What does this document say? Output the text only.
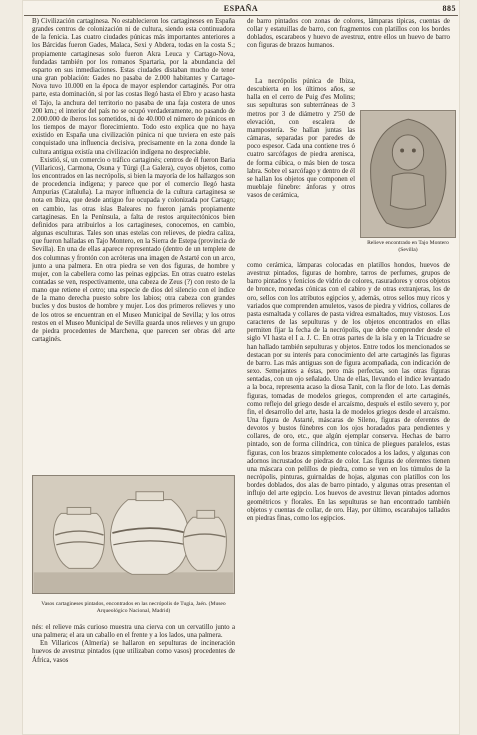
ESPAÑA	885

B) Civilización cartaginesa. No establecieron los cartagineses en España grandes centros de colonización ni de cultura, siendo esta continuadora de la fenicia. Las cuatro ciudades púnicas más importantes anteriores a los Bárcidas fueron Gades, Malaca, Sexi y Abdera, todas en la costa S.; propiamente cartaginesas solo fueron Akra Leuca y Cartago-Nova, fundadas también por los romanos Spartaria, por la abundancia del esparto en sus inmediaciones. Estas ciudades distaban mucho de tener una gran población: Gades no pasaba de 2.000 habitantes y Cartago-Nova tuvo 10.000 en la época de mayor esplendor cartaginés. Por otra parte, esta dominación, si por las costas llegó hasta el Ebro y acaso hasta el Tajo, la anchura del territorio no pasaba de una faja costera de unos 200 km.; el interior del país no se ocupó verdaderamente, no pasando de 2.000.000 de íberos los sometidos, ni de 40.000 el número de púnicos en los tiempos de mayor florecimiento. Todo esto explica que no haya existido en España una civilización púnica ni que tuviera en este país conquistado una influencia decisiva, precisamente en la zona donde la cultura antigua existía una civilización indígena no despreciable.

Existió, sí, un comercio o tráfico cartaginés; centros de él fueron Baria (Villaricos), Carmona, Osuna y Túrgi (La Galera), cuyos objetos, como los encontrados en las necrópolis, si bien la mayoría de los hallazgos son de procedencia indígena; y parece que por el comercio llegó hasta Ampurias (Cataluña). La mayor influencia de la cultura cartaginesa se nota en Ibiza, que desde antiguo fue ocupada y colonizada por Cartago; en cambio, las otras islas Baleares no fueron jamás propiamente cartaginesas. En la Península, a falta de restos arquitectónicos bien definidos para atribuirlos a los cartagineses, conocemos, en cambio, algunas esculturas. Tales son unas estelas con relieves, de piedra caliza, que fueron halladas en Tajo Montero, en la Sierra de Estepa (provincia de Sevilla). En una de ellas aparece representado (dentro de un templete de dos columnas y frontón con acróteras una imagen de Astarté con un arco, junto a una palmera. En otra piedra se ven dos figuras, de hombre y mujer, con la cabellera como las peinas egipcias. En otras cuatro estelas contadas se ven, respectivamente, una cabeza de Zeus (?) con resto de la mano que retiene el cetro; una especie de dios del silencio con el índice de la mano derecha puesto sobre los labios; otra cabeza con grandes bucles y dos bustos de hombre y mujer. Los dos primeros relieves y uno de los otros se encuentran en el Museo Municipal de Sevilla; y los otros restos en el Museo Municipal de Sevilla guarda unos relieves y un grupo de piedra procedentes de Marchena, que parecen ser obras del arte cartaginés.

Vasos cartagineses pintados, encontrados en las necrópolis de Tugia, Jaén. (Museo Arqueológico Nacional, Madrid)

nés: el relieve más curioso muestra una cierva con un cervatillo junto a una palmera; el ara un caballo en el frente y a los lados, una palmera.

En Villaricos (Almería) se hallaron en sepulturas de incineración huevos de avestruz pintados (que utilizaban como vasos) procedentes de África, vasos

de barro pintados con zonas de colores, lámparas típicas, cuentas de collar y estatuillas de barro, con fragmentos con platillos con los bordes doblados, escarabeos y huevo de avestruz, entre ellos un huevo de barro con figuras de brazos humanos.

La necrópolis púnica de Ibiza, descubierta en los últimos años, se halla en el cerro de Puig d'es Molins; sus sepulturas son subterráneas de 3 metros por 3 de diámetro y 2'50 de elevación, con escalera de mampostería. Se hallan juntas las cámaras, separadas por paredes de poco espesor. Cada una contiene tres ó cuatro sarcófagos de piedra arenisca, de forma cúbica, o más bien de tosca labra. Sobre el sarcófago y dentro de él se hallan los objetos que componen el mueblaje fúnebre: ánforas y otros vasos de cerámica,

Relieve encontrado en Tajo Montero (Sevilla)

como cerámica, lámparas colocadas en platillos hondos, huevos de avestruz pintados, figuras de hombre, tarros de perfumes, grupos de barro pintados y fenicios de vidrio de colores, rasuradores y otros objetos de bronce, monedas cónicas con el cabiro y de otras extranjeras, los de oro, sellos con los atributos egipcios y, además, otros sellos muy ricos y variados que comprenden amuletos, vasos de piedra y vidrios, collares de pasta esmaltada y collares de pasta vidrea esmaltados, muy vistosos. Los caracteres de las sepulturas y de los objetos encontrados en ellas permiten fijar la fecha de la necrópolis, que debe comprender desde el siglo VI hasta el I a. J. C. En otras partes de la isla y en la Tricuadre se han hallado también sepulturas y objetos. Entre todos los mencionados se destacan por su interés para conocimiento del arte cartaginés las figuras de barro. Las más antiguas son de figura acompañada, con indicación de sexo. Semejantes a éstas, pero más perfectas, son las otras figuras sentadas, con un ojo señalado. Una de ellas, llevando el índice levantado a la boca, representa acaso la diosa Tanit, con la flor de loto. Las demás figuras, tomadas de modelos griegos, comprenden el arte cartaginés, como reflejo del griego desde el arcaísmo, después el estilo severo y, por fin, el desarrollo del arte, hasta la de modelos griegos desde el arcaísmo. Una figura de Astarté, máscaras de Sileno, figuras de oferentes de devotos y bustos fúnebres con los ojos horadados para pendientes y collares, de oro, etc., que algún ejemplar conserva. Hechas de barro pintado, son de forma cilíndrica, con túnica de pliegues paralelos, estas figuras, con los brazos simplemente colocados a los lados, y algunas con adornos incrustados de piedras de color. Las figuras de oferentes tienen una máscara con pelillos de piedra, como se ven en los túmulos de la necrópolis, pinturas, guirnaldas de hojas, algunas con platillos con los bordes doblados, dos alas de barro pintado, y algunas otras presentan el influjo del arte egipcio. Los huevos de avestruz llevan pintados adornos geométricos y florales. En las sepulturas se han encontrado también objetos y cuentas de collar, de oro. Hay, por último, escarabajos tallados en piedras finas, como los egipcios.
